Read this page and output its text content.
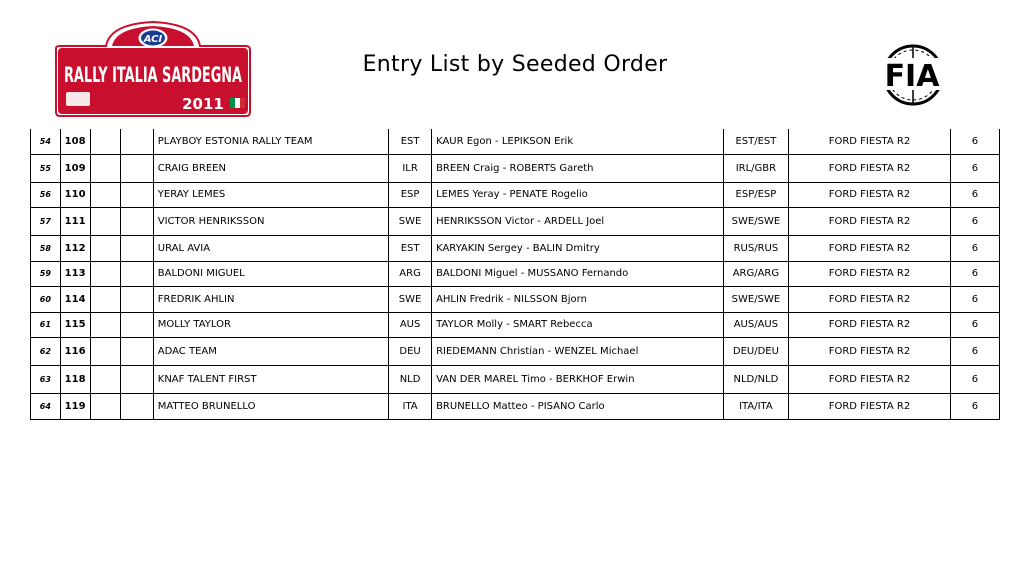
ACI
RALLY ITALIA SARDEGNA
2011
Entry List by Seeded Order	FIA
54	108			PLAYBOY ESTONIA RALLY TEAM	EST	KAUR Egon - LEPIKSON Erik	EST/EST	FORD FIESTA R2	6
55	109			CRAIG BREEN	ILR	BREEN Craig - ROBERTS Gareth	IRL/GBR	FORD FIESTA R2	6
56	110			YERAY LEMES	ESP	LEMES Yeray - PENATE Rogelio	ESP/ESP	FORD FIESTA R2	6
57	111			VICTOR HENRIKSSON	SWE	HENRIKSSON Victor - ARDELL Joel	SWE/SWE	FORD FIESTA R2	6
58	112			URAL AVIA	EST	KARYAKIN Sergey - BALIN Dmitry	RUS/RUS	FORD FIESTA R2	6
59	113			BALDONI MIGUEL	ARG	BALDONI Miguel - MUSSANO Fernando	ARG/ARG	FORD FIESTA R2	6
60	114			FREDRIK AHLIN	SWE	AHLIN Fredrik - NILSSON Bjorn	SWE/SWE	FORD FIESTA R2	6
61	115			MOLLY TAYLOR	AUS	TAYLOR Molly - SMART Rebecca	AUS/AUS	FORD FIESTA R2	6
62	116			ADAC TEAM	DEU	RIEDEMANN Christian - WENZEL Michael	DEU/DEU	FORD FIESTA R2	6
63	118			KNAF TALENT FIRST	NLD	VAN DER MAREL Timo - BERKHOF Erwin	NLD/NLD	FORD FIESTA R2	6
64	119			MATTEO BRUNELLO	ITA	BRUNELLO Matteo - PISANO Carlo	ITA/ITA	FORD FIESTA R2	6
